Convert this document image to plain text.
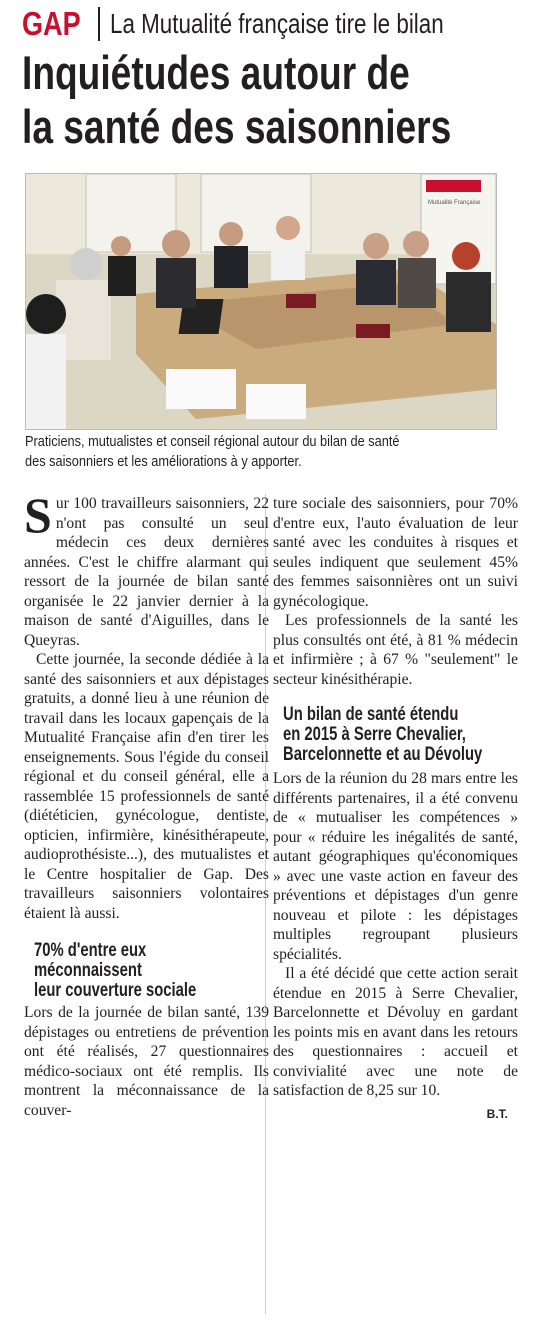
GAP La Mutualité française tire le bilan
Inquiétudes autour de
la santé des saisonniers
Mutualité Française
Praticiens, mutualistes et conseil régional autour du bilan de santé
des saisonniers et les améliorations à y apporter.

Sur 100 travailleurs saisonniers, 22 n'ont pas consulté un seul médecin ces deux dernières années. C'est le chiffre alarmant qui ressort de la journée de bilan santé organisée le 22 janvier dernier à la maison de santé d'Aiguilles, dans le Queyras.

Cette journée, la seconde dédiée à la santé des saisonniers et aux dépistages gratuits, a donné lieu à une réunion de travail dans les locaux gapençais de la Mutualité Française afin d'en tirer les enseignements. Sous l'égide du conseil régional et du conseil général, elle a rassemblée 15 professionnels de santé (diététicien, gynécologue, dentiste, opticien, infirmière, kinésithérapeute, audioprothésiste...), des mutualistes et le Centre hospitalier de Gap. Des travailleurs saisonniers volontaires étaient là aussi.

70% d'entre eux
méconnaissent
leur couverture sociale

Lors de la journée de bilan santé, 139 dépistages ou entretiens de prévention ont été réalisés, 27 questionnaires médico-sociaux ont été remplis. Ils montrent la méconnaissance de la couver-

ture sociale des saisonniers, pour 70% d'entre eux, l'auto évaluation de leur santé avec les conduites à risques et seules indiquent que seulement 45% des femmes saisonnières ont un suivi gynécologique.

Les professionnels de la santé les plus consultés ont été, à 81 % médecin et infirmière ; à 67 % "seulement" le secteur kinésithérapie.

Un bilan de santé étendu
en 2015 à Serre Chevalier,
Barcelonnette et au Dévoluy

Lors de la réunion du 28 mars entre les différents partenaires, il a été convenu de « mutualiser les compétences » pour « réduire les inégalités de santé, autant géographiques qu'économiques » avec une vaste action en faveur des préventions et dépistages d'un genre nouveau et pilote : les dépistages multiples regroupant plusieurs spécialités.

Il a été décidé que cette action serait étendue en 2015 à Serre Chevalier, Barcelonnette et Dévoluy en gardant les points mis en avant dans les retours des questionnaires : accueil et convivialité avec une note de satisfaction de 8,25 sur 10.

B.T.
